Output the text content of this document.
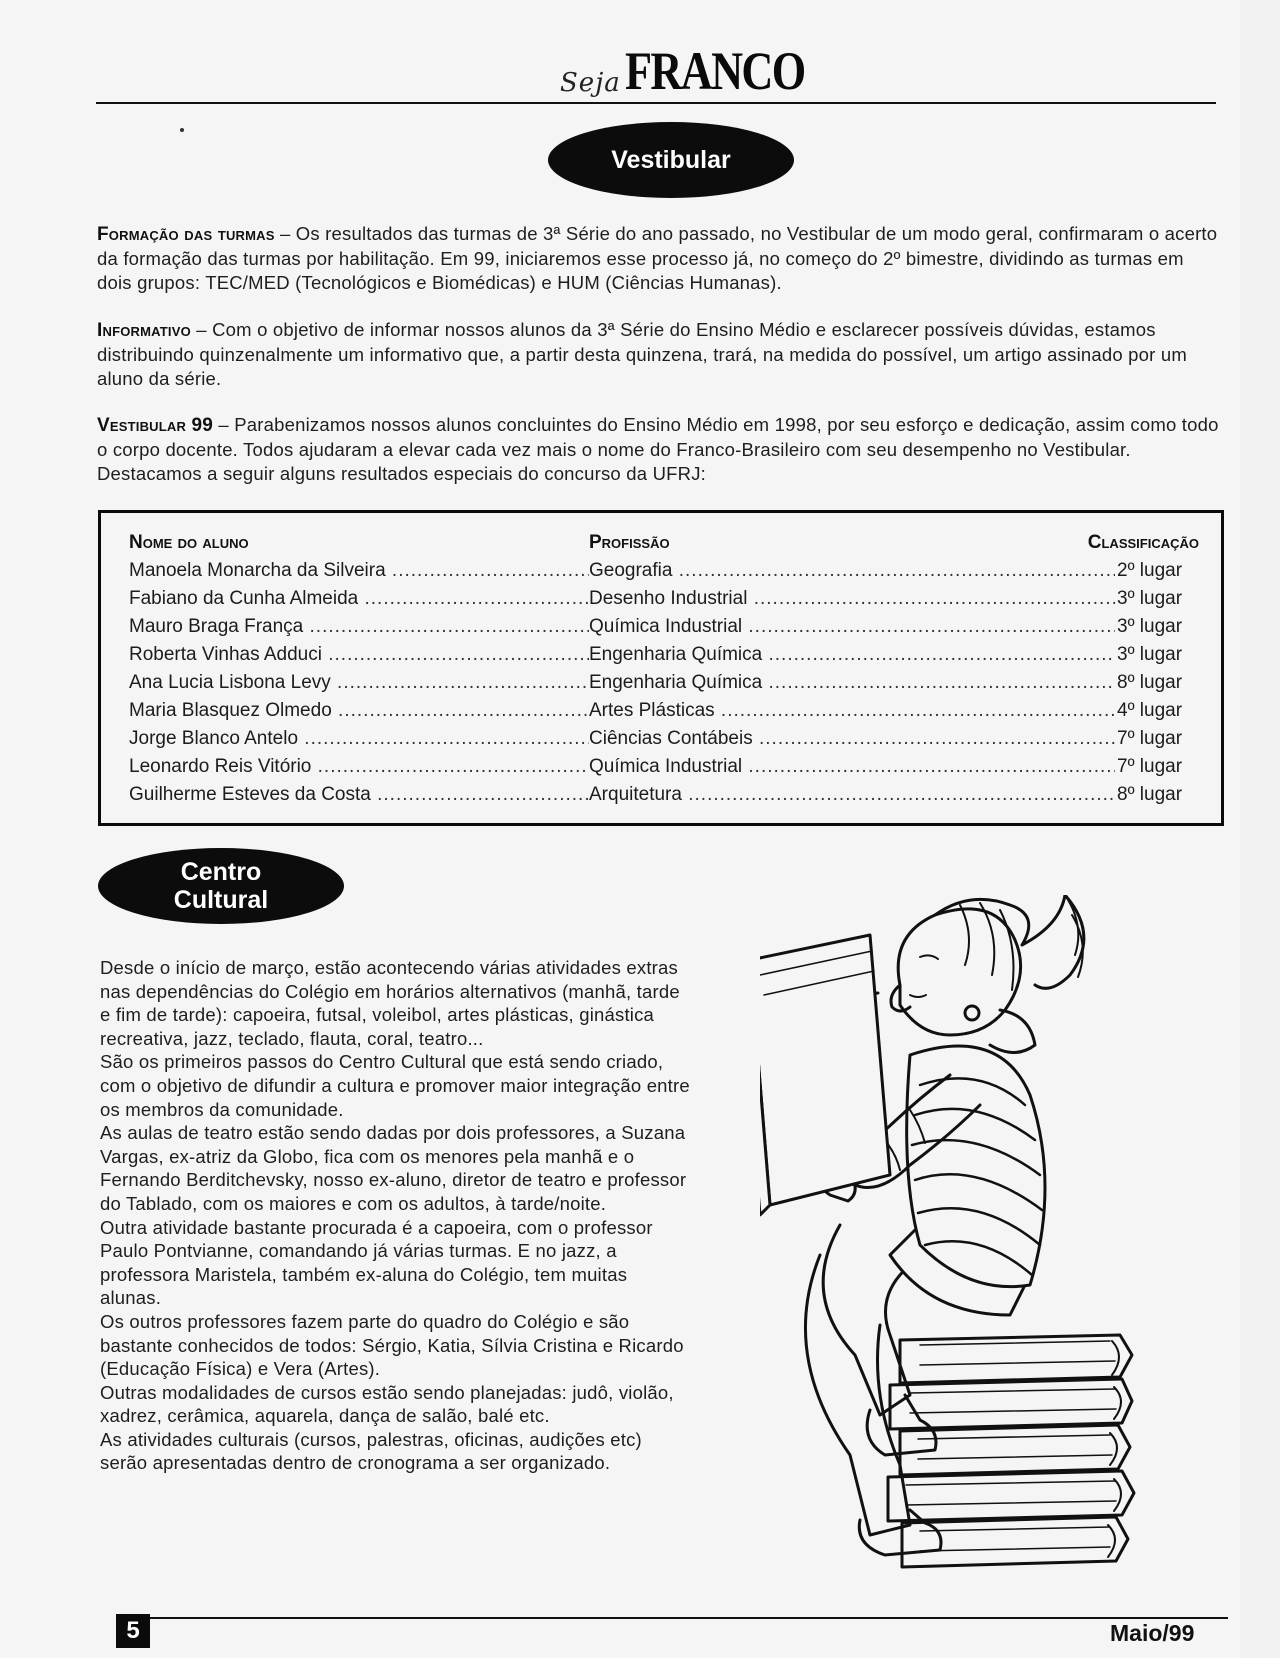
Seja FRANCO
Vestibular
Formação das turmas – Os resultados das turmas de 3ª Série do ano passado, no Vestibular de um modo geral, confirmaram o acerto da formação das turmas por habilitação. Em 99, iniciaremos esse processo já, no começo do 2º bimestre, dividindo as turmas em dois grupos: TEC/MED (Tecnológicos e Biomédicas) e HUM (Ciências Humanas).
Informativo – Com o objetivo de informar nossos alunos da 3ª Série do Ensino Médio e esclarecer possíveis dúvidas, estamos distribuindo quinzenalmente um informativo que, a partir desta quinzena, trará, na medida do possível, um artigo assinado por um aluno da série.
Vestibular 99 – Parabenizamos nossos alunos concluintes do Ensino Médio em 1998, por seu esforço e dedicação, assim como todo o corpo docente. Todos ajudaram a elevar cada vez mais o nome do Franco-Brasileiro com seu desempenho no Vestibular. Destacamos a seguir alguns resultados especiais do concurso da UFRJ:
Nome do aluno	Profissão	Classificação
Manoela Monarcha da Silveira .....	Geografia .....	2º lugar
Fabiano da Cunha Almeida .....	Desenho Industrial .....	3º lugar
Mauro Braga França .....	Química Industrial .....	3º lugar
Roberta Vinhas Adduci .....	Engenharia Química .....	3º lugar
Ana Lucia Lisbona Levy .....	Engenharia Química .....	8º lugar
Maria Blasquez Olmedo .....	Artes Plásticas .....	4º lugar
Jorge Blanco Antelo .....	Ciências Contábeis .....	7º lugar
Leonardo Reis Vitório .....	Química Industrial .....	7º lugar
Guilherme Esteves da Costa .....	Arquitetura .....	8º lugar
Centro
Cultural

Desde o início de março, estão acontecendo várias atividades extras nas dependências do Colégio em horários alternativos (manhã, tarde e fim de tarde): capoeira, futsal, voleibol, artes plásticas, ginástica recreativa, jazz, teclado, flauta, coral, teatro...

São os primeiros passos do Centro Cultural que está sendo criado, com o objetivo de difundir a cultura e promover maior integração entre os membros da comunidade.

As aulas de teatro estão sendo dadas por dois professores, a Suzana Vargas, ex-atriz da Globo, fica com os menores pela manhã e o Fernando Berditchevsky, nosso ex-aluno, diretor de teatro e professor do Tablado, com os maiores e com os adultos, à tarde/noite.

Outra atividade bastante procurada é a capoeira, com o professor Paulo Pontvianne, comandando já várias turmas. E no jazz, a professora Maristela, também ex-aluna do Colégio, tem muitas alunas.

Os outros professores fazem parte do quadro do Colégio e são bastante conhecidos de todos: Sérgio, Katia, Sílvia Cristina e Ricardo (Educação Física) e Vera (Artes).

Outras modalidades de cursos estão sendo planejadas: judô, violão, xadrez, cerâmica, aquarela, dança de salão, balé etc.

As atividades culturais (cursos, palestras, oficinas, audições etc) serão apresentadas dentro de cronograma a ser organizado.

5	Maio/99
